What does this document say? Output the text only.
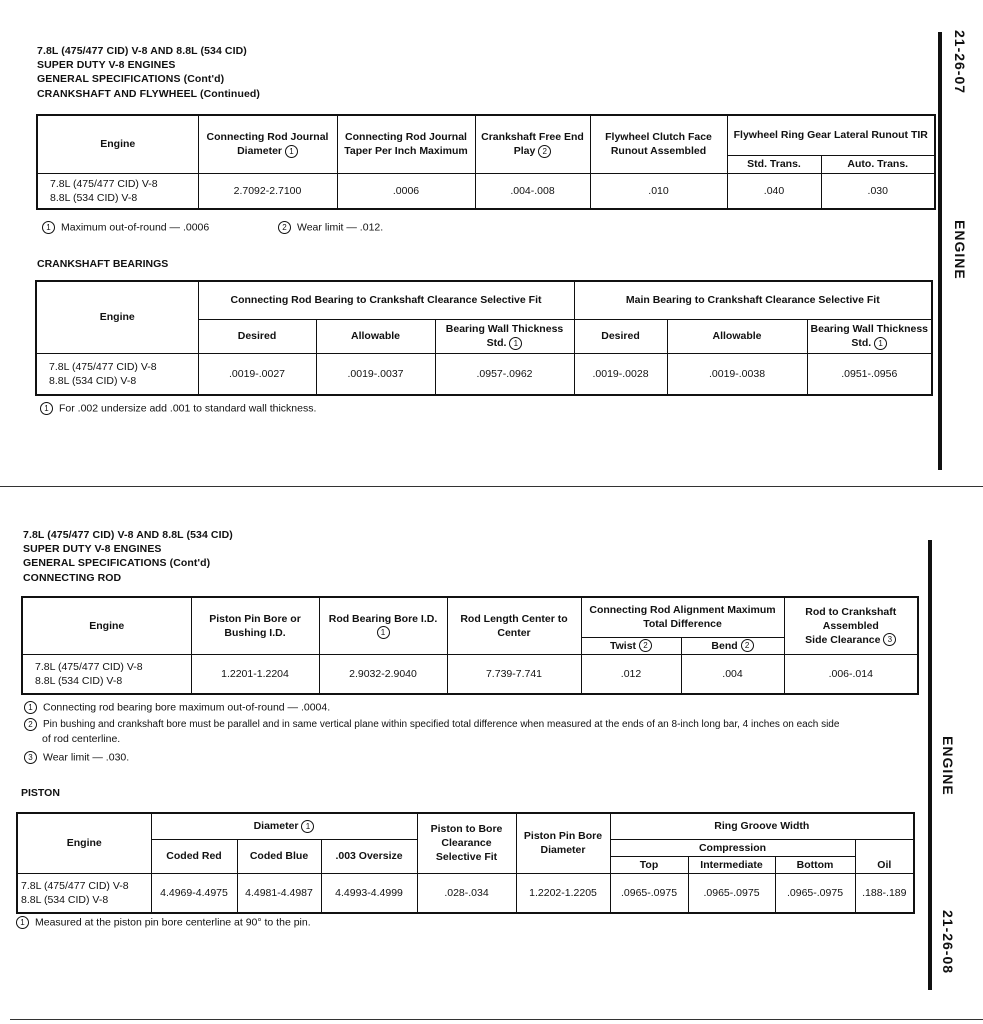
7.8L (475/477 CID) V-8 AND 8.8L (534 CID)
SUPER DUTY V-8 ENGINES
GENERAL SPECIFICATIONS (Cont'd)
CRANKSHAFT AND FLYWHEEL (Continued)	21-26-07
ENGINE
Engine	Connecting Rod Journal Diameter 1	Connecting Rod Journal Taper Per Inch Maximum	Crankshaft Free End Play 2	Flywheel Clutch Face Runout Assembled	Flywheel Ring Gear Lateral Runout TIR	
					Std. Trans.	Auto. Trans.

7.8L (475/477 CID) V-8
8.8L (534 CID) V-8	2.7092-2.7100	.0006	.004-.008	.010	.040	.030
1 Maximum out-of-round — .0006	2 Wear limit — .012.
CRANKSHAFT BEARINGS
Engine	Connecting Rod Bearing to Crankshaft Clearance Selective Fit			Main Bearing to Crankshaft Clearance Selective Fit		
	Desired	Allowable	Bearing Wall Thickness Std. 1	Desired	Allowable	Bearing Wall Thickness Std. 1

7.8L (475/477 CID) V-8
8.8L (534 CID) V-8	.0019-.0027	.0019-.0037	.0957-.0962	.0019-.0028	.0019-.0038	.0951-.0956
1 For .002 undersize add .001 to standard wall thickness.
7.8L (475/477 CID) V-8 AND 8.8L (534 CID)
SUPER DUTY V-8 ENGINES
GENERAL SPECIFICATIONS (Cont'd)
CONNECTING ROD
ENGINE
21-26-08
Engine	Piston Pin Bore or Bushing I.D.	Rod Bearing Bore I.D. 1	Rod Length Center to Center	Connecting Rod Alignment Maximum Total Difference		Rod to Crankshaft Assembled
Side Clearance 3

				Twist 2	Bend 2	

7.8L (475/477 CID) V-8
8.8L (534 CID) V-8	1.2201-1.2204	2.9032-2.9040	7.739-7.741	.012	.004	.006-.014
1 Connecting rod bearing bore maximum out-of-round — .0004.
2 Pin bushing and crankshaft bore must be parallel and in same vertical plane within specified total difference when measured at the ends of an 8-inch long bar, 4 inches on each side
of rod centerline.
3 Wear limit — .030.
PISTON
Engine	Diameter 1			Piston to Bore Clearance Selective Fit	Piston Pin Bore Diameter	Ring Groove Width			
	Coded Red	Coded Blue	.003 Oversize			Compression			Oil
						Top	Intermediate	Bottom	

7.8L (475/477 CID) V-8
8.8L (534 CID) V-8	4.4969-4.4975	4.4981-4.4987	4.4993-4.4999	.028-.034	1.2202-1.2205	.0965-.0975	.0965-.0975	.0965-.0975	.188-.189
1 Measured at the piston pin bore centerline at 90° to the pin.
